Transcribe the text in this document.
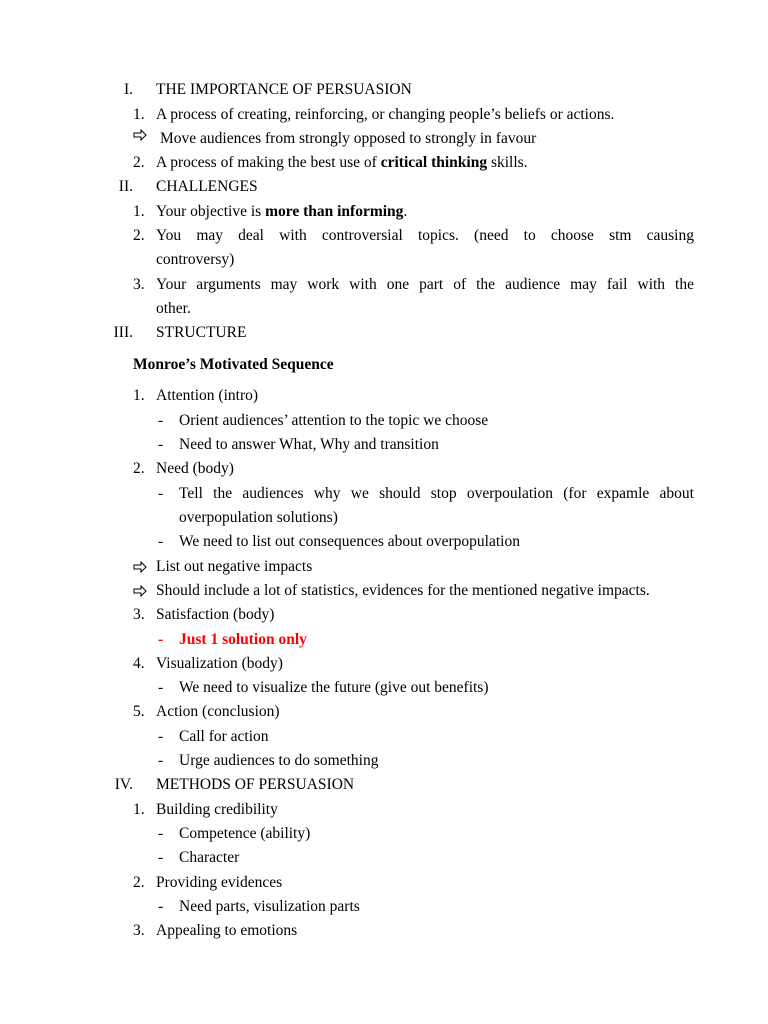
I. THE IMPORTANCE OF PERSUASION
1. A process of creating, reinforcing, or changing people’s beliefs or actions.
Move audiences from strongly opposed to strongly in favour
2. A process of making the best use of critical thinking skills.
II. CHALLENGES
1. Your objective is more than informing.
2. You may deal with controversial topics. (need to choose stm causing
controversy)
3. Your arguments may work with one part of the audience may fail with the
other.
III. STRUCTURE
Monroe’s Motivated Sequence
1. Attention (intro)
- Orient audiences’ attention to the topic we choose
- Need to answer What, Why and transition
2. Need (body)
- Tell the audiences why we should stop overpoulation (for expamle about
overpopulation solutions)
- We need to list out consequences about overpopulation
List out negative impacts
Should include a lot of statistics, evidences for the mentioned negative impacts.
3. Satisfaction (body)
- Just 1 solution only
4. Visualization (body)
- We need to visualize the future (give out benefits)
5. Action (conclusion)
- Call for action
- Urge audiences to do something
IV. METHODS OF PERSUASION
1. Building credibility
- Competence (ability)
- Character
2. Providing evidences
- Need parts, visulization parts
3. Appealing to emotions
